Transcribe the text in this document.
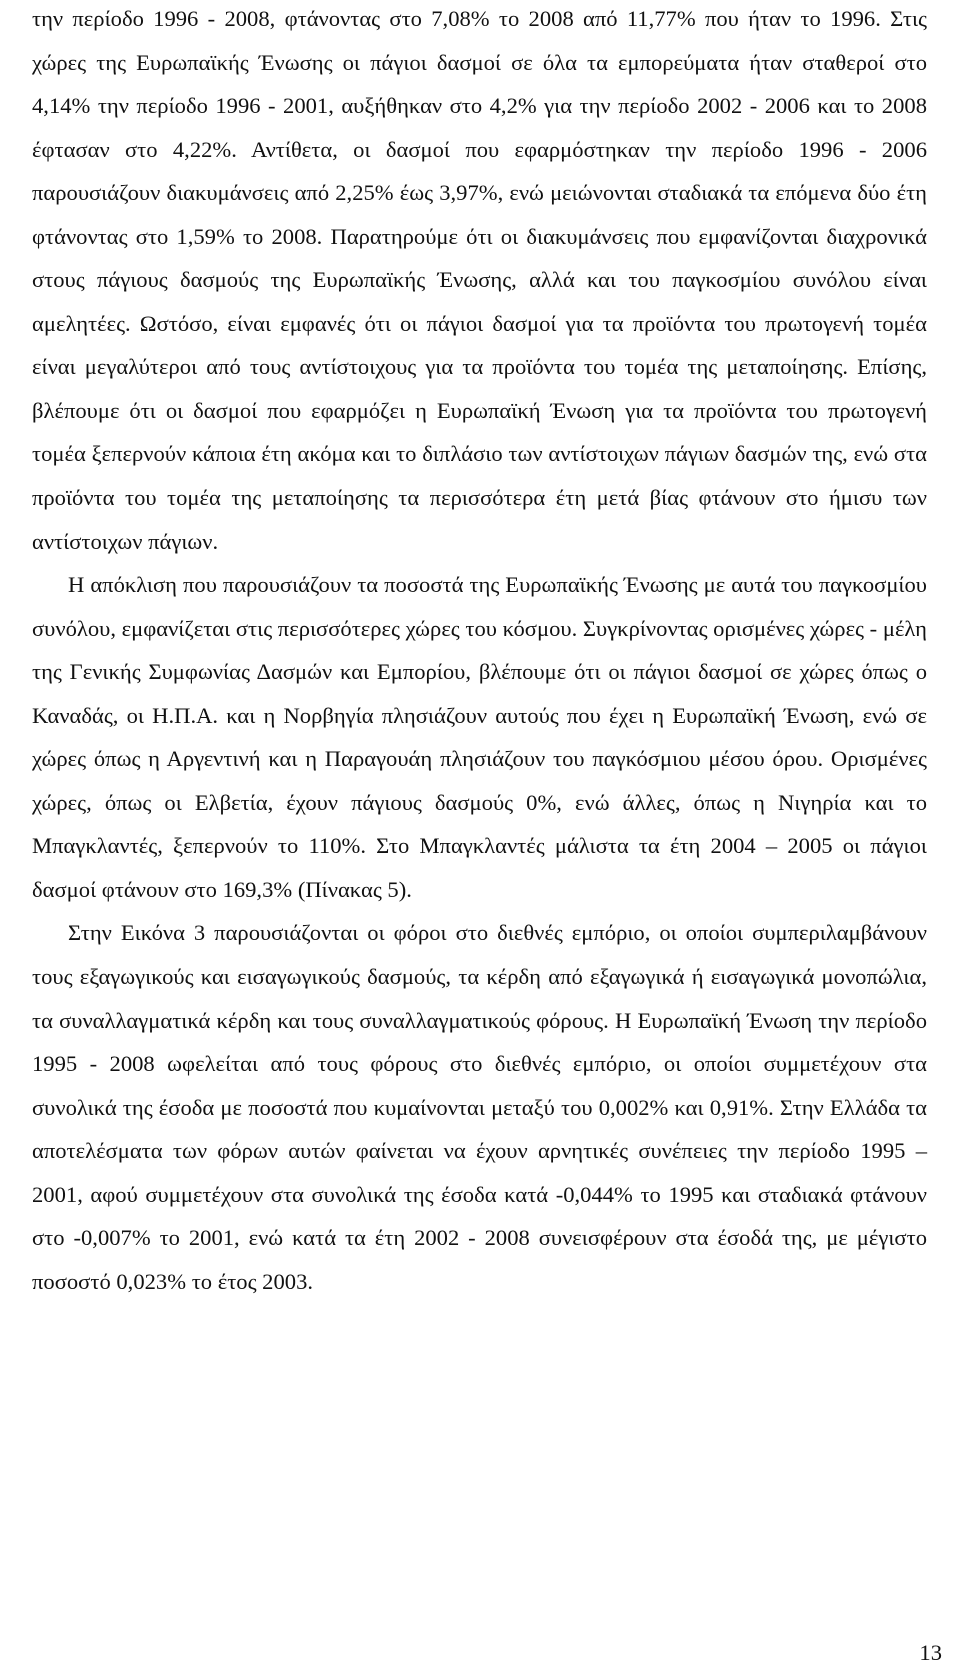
την περίοδο 1996 - 2008, φτάνοντας στο 7,08% το 2008 από 11,77% που ήταν το 1996. Στις χώρες της Ευρωπαϊκής Ένωσης οι πάγιοι δασμοί σε όλα τα εμπορεύματα ήταν σταθεροί στο 4,14% την περίοδο 1996 - 2001, αυξήθηκαν στο 4,2% για την περίοδο 2002 - 2006 και το 2008 έφτασαν στο 4,22%. Αντίθετα, οι δασμοί που εφαρμόστηκαν την περίοδο 1996 - 2006 παρουσιάζουν διακυμάνσεις από 2,25% έως 3,97%, ενώ μειώνονται σταδιακά τα επόμενα δύο έτη φτάνοντας στο 1,59% το 2008. Παρατηρούμε ότι οι διακυμάνσεις που εμφανίζονται διαχρονικά στους πάγιους δασμούς της Ευρωπαϊκής Ένωσης, αλλά και του παγκοσμίου συνόλου είναι αμελητέες. Ωστόσο, είναι εμφανές ότι οι πάγιοι δασμοί για τα προϊόντα του πρωτογενή τομέα είναι μεγαλύτεροι από τους αντίστοιχους για τα προϊόντα του τομέα της μεταποίησης. Επίσης, βλέπουμε ότι οι δασμοί που εφαρμόζει η Ευρωπαϊκή Ένωση για τα προϊόντα του πρωτογενή τομέα ξεπερνούν κάποια έτη ακόμα και το διπλάσιο των αντίστοιχων πάγιων δασμών της, ενώ στα προϊόντα του τομέα της μεταποίησης τα περισσότερα έτη μετά βίας φτάνουν στο ήμισυ των αντίστοιχων πάγιων.

Η απόκλιση που παρουσιάζουν τα ποσοστά της Ευρωπαϊκής Ένωσης με αυτά του παγκοσμίου συνόλου, εμφανίζεται στις περισσότερες χώρες του κόσμου. Συγκρίνοντας ορισμένες χώρες - μέλη της Γενικής Συμφωνίας Δασμών και Εμπορίου, βλέπουμε ότι οι πάγιοι δασμοί σε χώρες όπως ο Καναδάς, οι Η.Π.Α. και η Νορβηγία πλησιάζουν αυτούς που έχει η Ευρωπαϊκή Ένωση, ενώ σε χώρες όπως η Αργεντινή και η Παραγουάη πλησιάζουν του παγκόσμιου μέσου όρου. Ορισμένες χώρες, όπως οι Ελβετία, έχουν πάγιους δασμούς 0%, ενώ άλλες, όπως η Νιγηρία και το Μπαγκλαντές, ξεπερνούν το 110%. Στο Μπαγκλαντές μάλιστα τα έτη 2004 – 2005 οι πάγιοι δασμοί φτάνουν στο 169,3% (Πίνακας 5).

Στην Εικόνα 3 παρουσιάζονται οι φόροι στο διεθνές εμπόριο, οι οποίοι συμπεριλαμβάνουν τους εξαγωγικούς και εισαγωγικούς δασμούς, τα κέρδη από εξαγωγικά ή εισαγωγικά μονοπώλια, τα συναλλαγματικά κέρδη και τους συναλλαγματικούς φόρους. Η Ευρωπαϊκή Ένωση την περίοδο 1995 - 2008 ωφελείται από τους φόρους στο διεθνές εμπόριο, οι οποίοι συμμετέχουν στα συνολικά της έσοδα με ποσοστά που κυμαίνονται μεταξύ του 0,002% και 0,91%. Στην Ελλάδα τα αποτελέσματα των φόρων αυτών φαίνεται να έχουν αρνητικές συνέπειες την περίοδο 1995 – 2001, αφού συμμετέχουν στα συνολικά της έσοδα κατά -0,044% το 1995 και σταδιακά φτάνουν στο -0,007% το 2001, ενώ κατά τα έτη 2002 - 2008 συνεισφέρουν στα έσοδά της, με μέγιστο ποσοστό 0,023% το έτος 2003.

13
